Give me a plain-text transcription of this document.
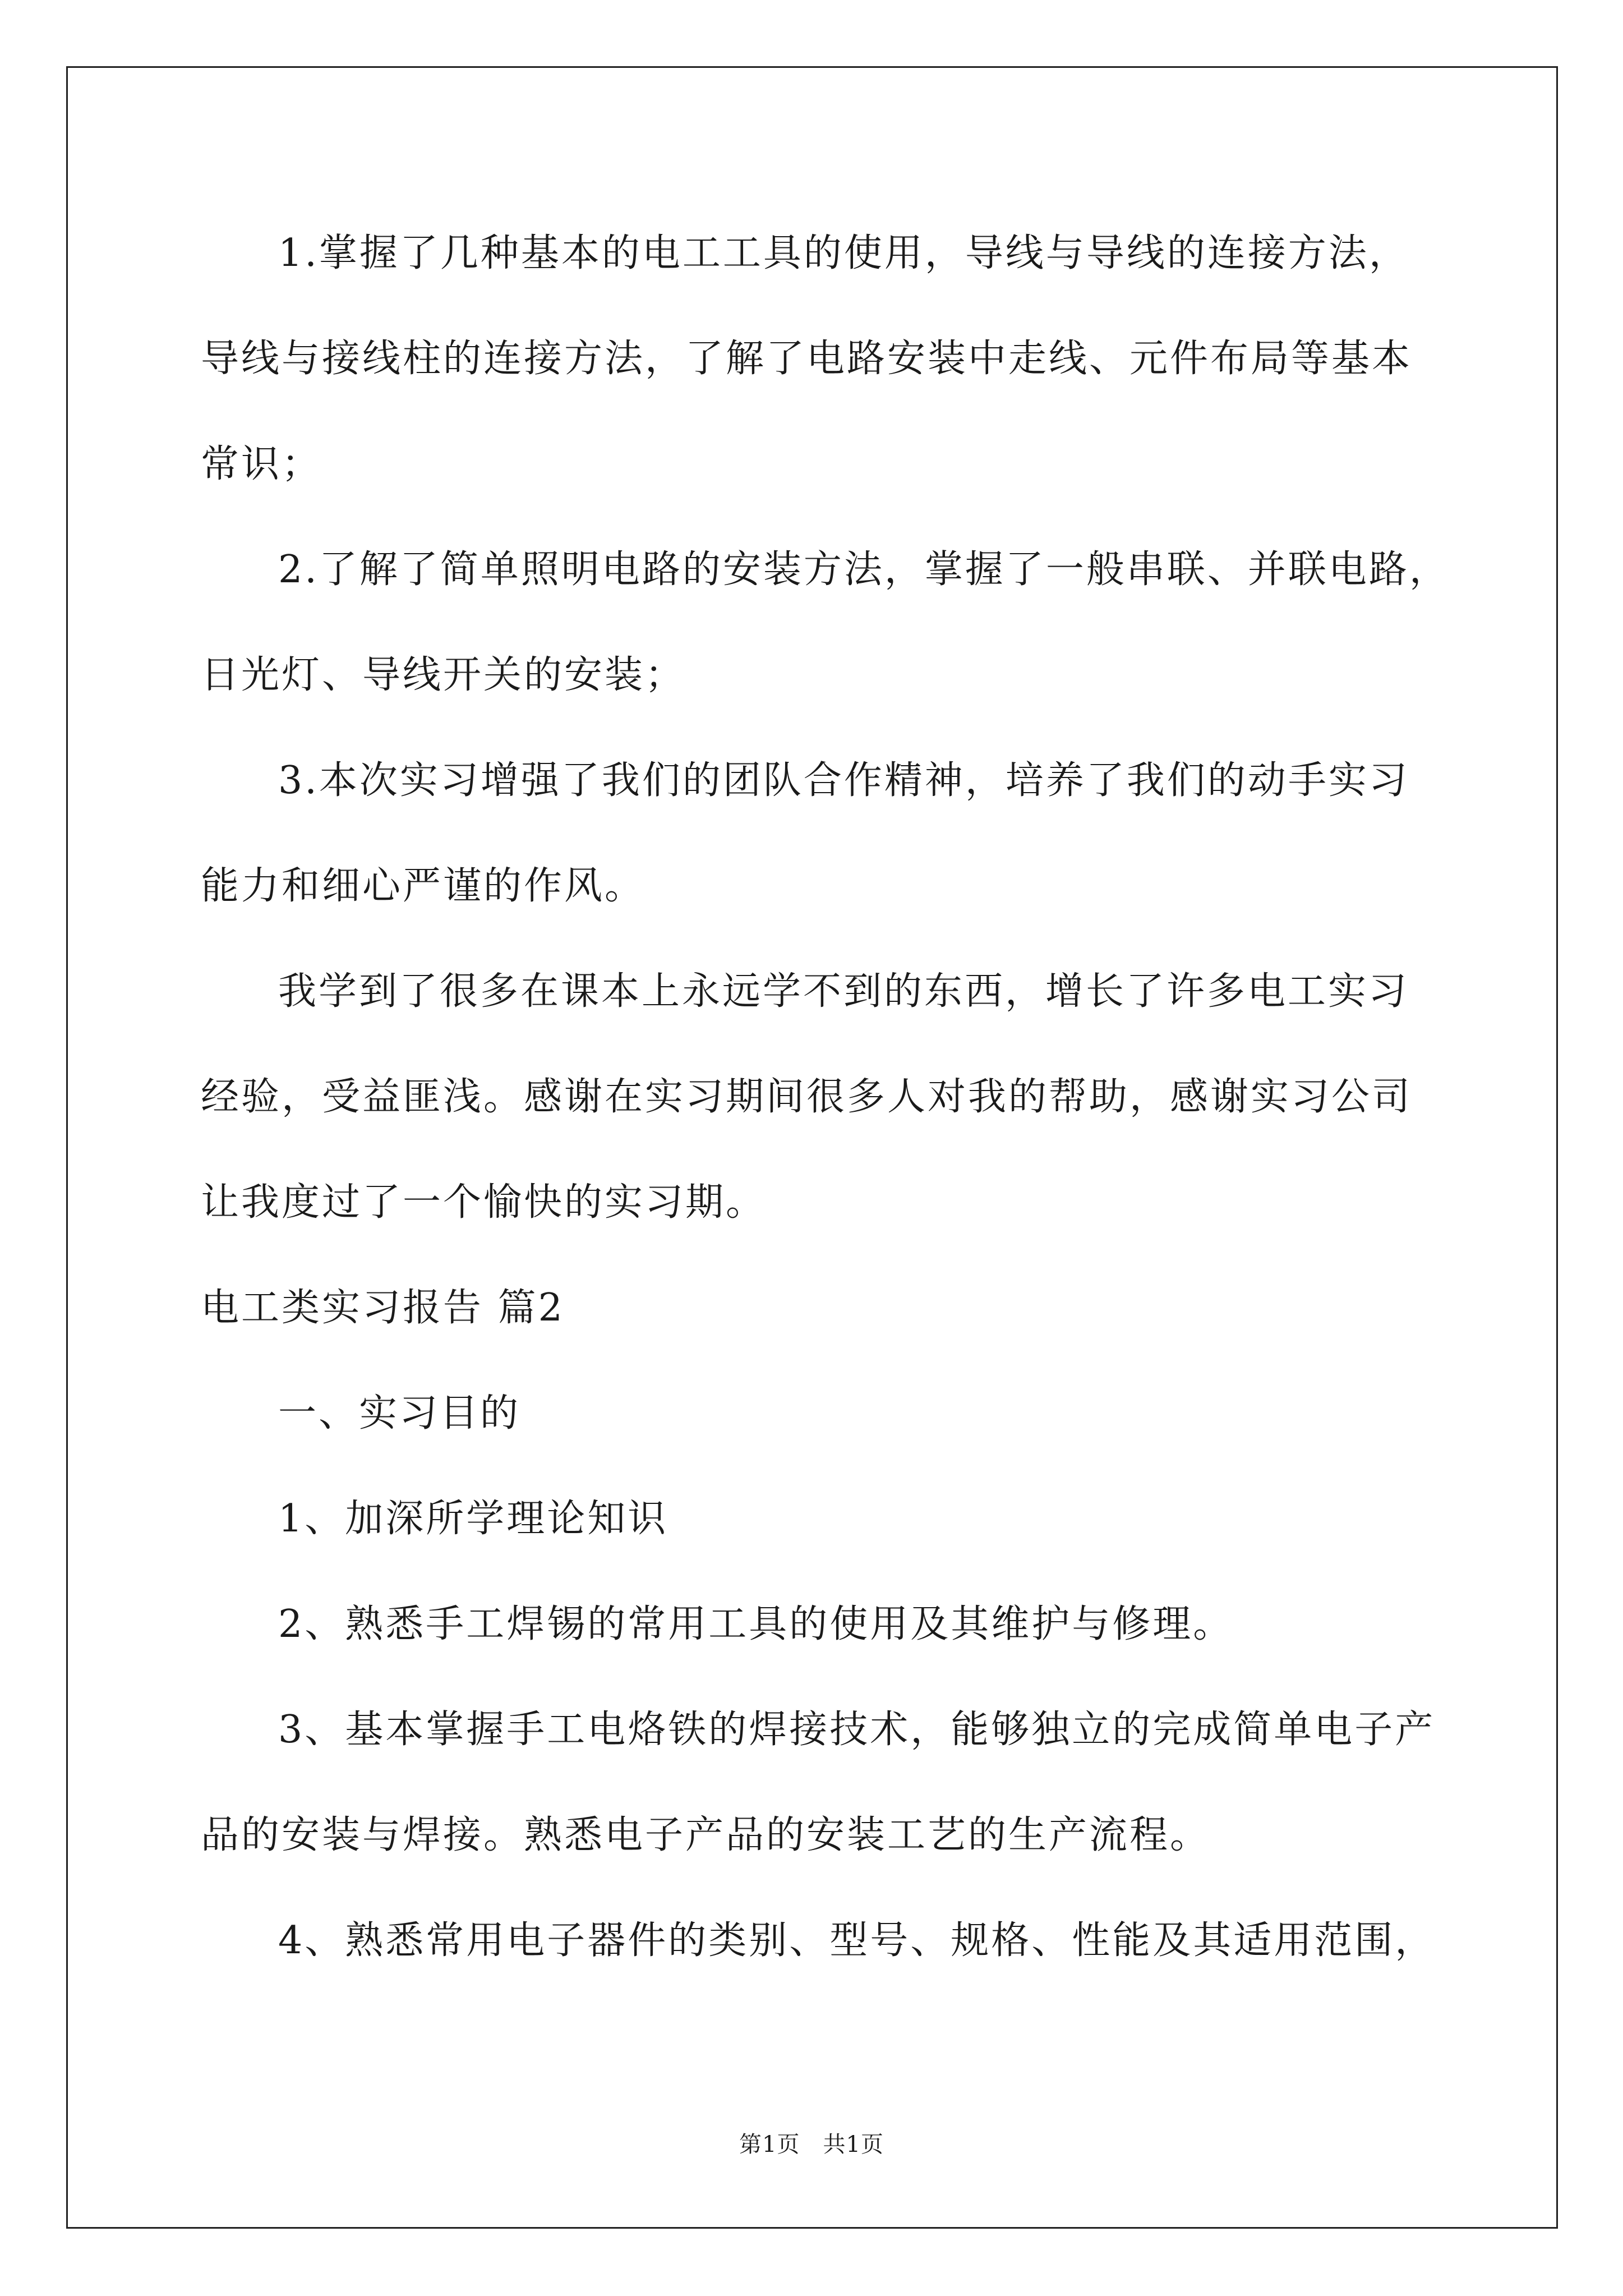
1.掌握了几种基本的电工工具的使用，导线与导线的连接方法，
导线与接线柱的连接方法，了解了电路安装中走线、元件布局等基本
常识；
2.了解了简单照明电路的安装方法，掌握了一般串联、并联电路，
日光灯、导线开关的安装；
3.本次实习增强了我们的团队合作精神，培养了我们的动手实习
能力和细心严谨的作风。
我学到了很多在课本上永远学不到的东西，增长了许多电工实习
经验，受益匪浅。感谢在实习期间很多人对我的帮助，感谢实习公司
让我度过了一个愉快的实习期。
电工类实习报告 篇2
一、实习目的
1、加深所学理论知识
2、熟悉手工焊锡的常用工具的使用及其维护与修理。
3、基本掌握手工电烙铁的焊接技术，能够独立的完成简单电子产
品的安装与焊接。熟悉电子产品的安装工艺的生产流程。
4、熟悉常用电子器件的类别、型号、规格、性能及其适用范围，
第1页　共1页
